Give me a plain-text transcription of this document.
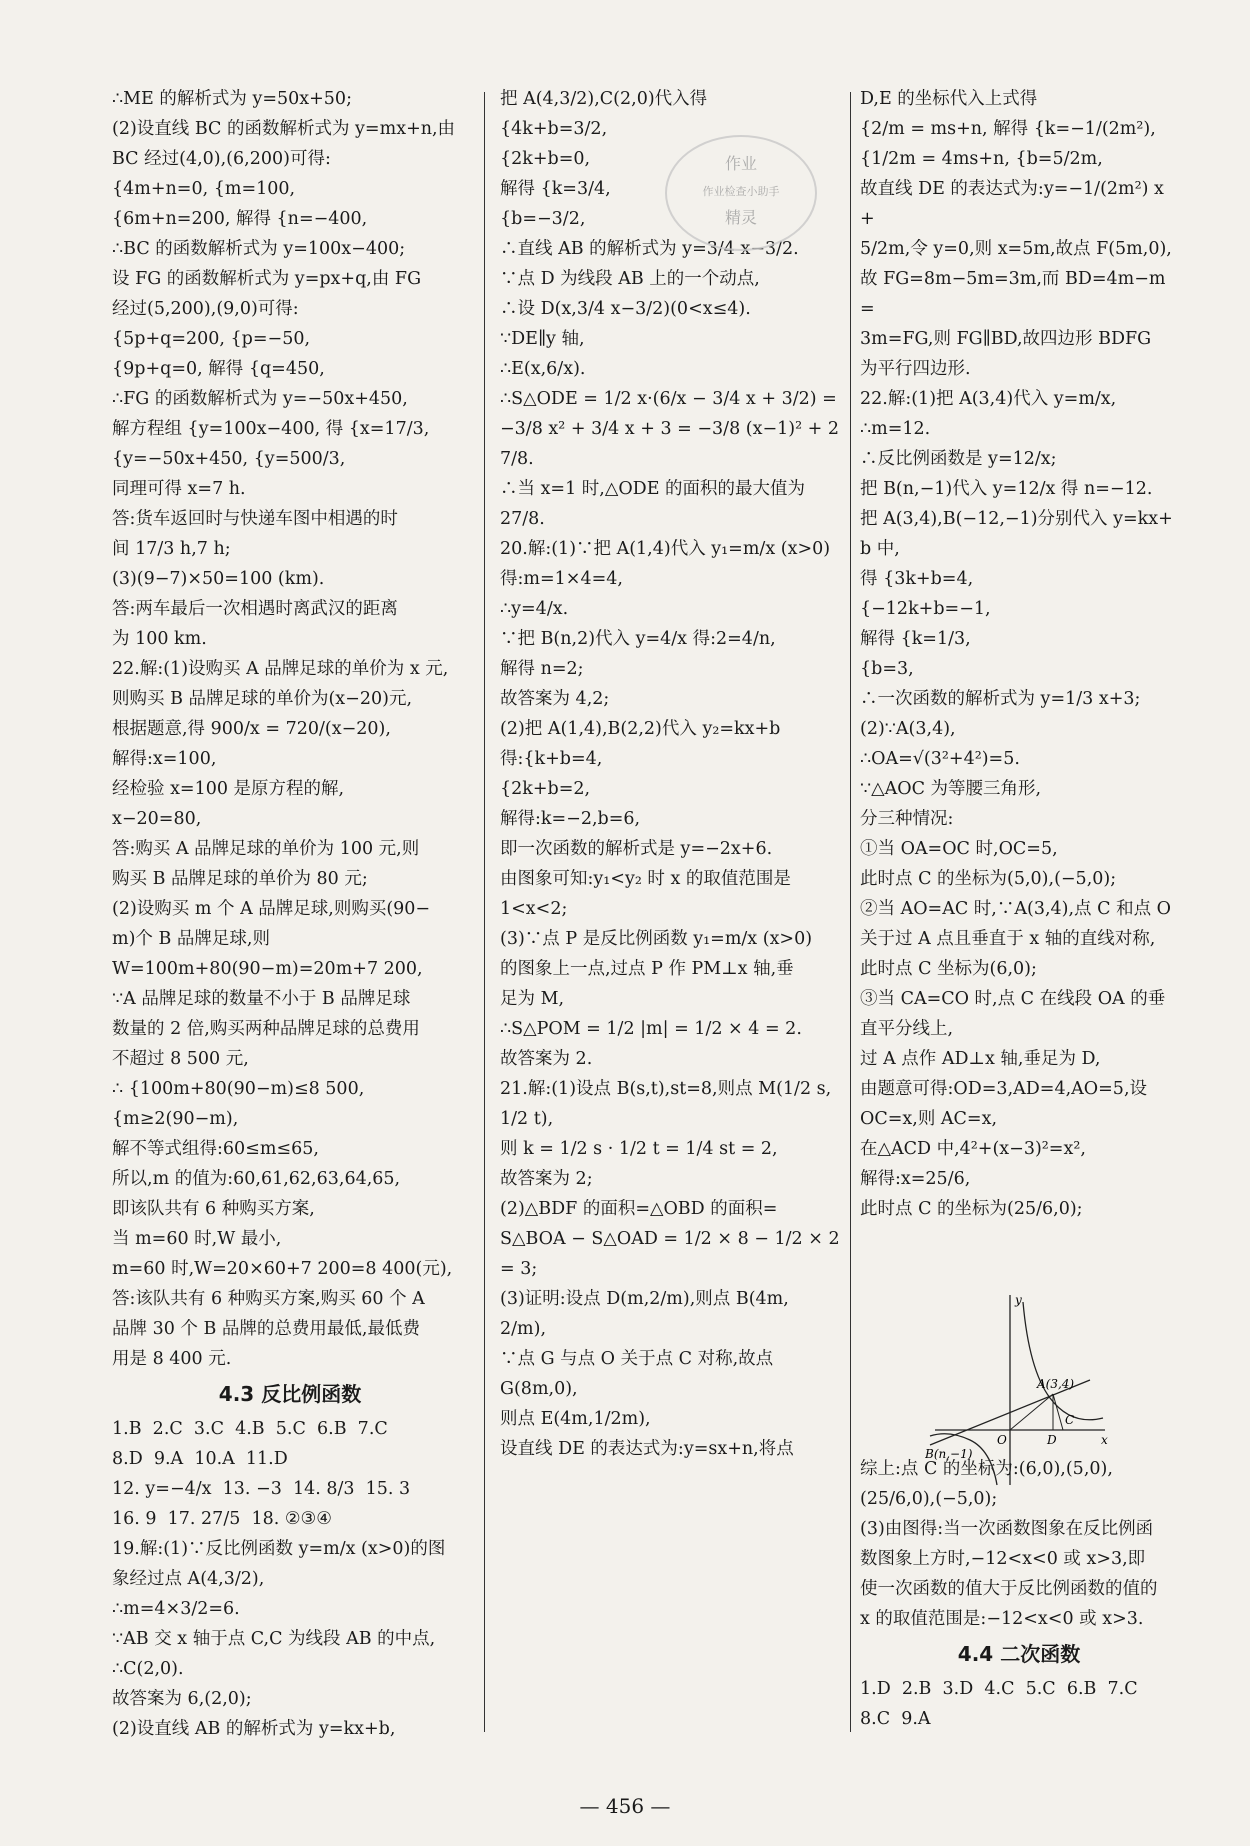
∴ME 的解析式为 y=50x+50;

(2)设直线 BC 的函数解析式为 y=mx+n,由

BC 经过(4,0),(6,200)可得:

{4m+n=0, {m=100,

{6m+n=200, 解得 {n=−400,

∴BC 的函数解析式为 y=100x−400;

设 FG 的函数解析式为 y=px+q,由 FG

经过(5,200),(9,0)可得:

{5p+q=200, {p=−50,

{9p+q=0, 解得 {q=450,

∴FG 的函数解析式为 y=−50x+450,

解方程组 {y=100x−400, 得 {x=17/3,

{y=−50x+450, {y=500/3,

同理可得 x=7 h.

答:货车返回时与快递车图中相遇的时

间 17/3 h,7 h;

(3)(9−7)×50=100 (km).

答:两车最后一次相遇时离武汉的距离

为 100 km.

22.解:(1)设购买 A 品牌足球的单价为 x 元,

则购买 B 品牌足球的单价为(x−20)元,

根据题意,得 900/x = 720/(x−20),

解得:x=100,

经检验 x=100 是原方程的解,

x−20=80,

答:购买 A 品牌足球的单价为 100 元,则

购买 B 品牌足球的单价为 80 元;

(2)设购买 m 个 A 品牌足球,则购买(90−

m)个 B 品牌足球,则

W=100m+80(90−m)=20m+7 200,

∵A 品牌足球的数量不小于 B 品牌足球

数量的 2 倍,购买两种品牌足球的总费用

不超过 8 500 元,

∴ {100m+80(90−m)≤8 500,

{m≥2(90−m),

解不等式组得:60≤m≤65,

所以,m 的值为:60,61,62,63,64,65,

即该队共有 6 种购买方案,

当 m=60 时,W 最小,

m=60 时,W=20×60+7 200=8 400(元),

答:该队共有 6 种购买方案,购买 60 个 A

品牌 30 个 B 品牌的总费用最低,最低费

用是 8 400 元.

4.3 反比例函数

1.B  2.C  3.C  4.B  5.C  6.B  7.C

8.D  9.A  10.A  11.D

12. y=−4/x  13. −3  14. 8/3  15. 3

16. 9  17. 27/5  18. ②③④

19.解:(1)∵反比例函数 y=m/x (x>0)的图

象经过点 A(4,3/2),

∴m=4×3/2=6.

∵AB 交 x 轴于点 C,C 为线段 AB 的中点,

∴C(2,0).

故答案为 6,(2,0);

(2)设直线 AB 的解析式为 y=kx+b,

把 A(4,3/2),C(2,0)代入得

{4k+b=3/2,

{2k+b=0,

解得 {k=3/4,

{b=−3/2,

∴直线 AB 的解析式为 y=3/4 x−3/2.

∵点 D 为线段 AB 上的一个动点,

∴设 D(x,3/4 x−3/2)(0<x≤4).

∵DE∥y 轴,

∴E(x,6/x).

∴S△ODE = 1/2 x·(6/x − 3/4 x + 3/2) =

−3/8 x² + 3/4 x + 3 = −3/8 (x−1)² + 27/8.

∴当 x=1 时,△ODE 的面积的最大值为

27/8.

20.解:(1)∵把 A(1,4)代入 y₁=m/x (x>0)

得:m=1×4=4,

∴y=4/x.

∵把 B(n,2)代入 y=4/x 得:2=4/n,

解得 n=2;

故答案为 4,2;

(2)把 A(1,4),B(2,2)代入 y₂=kx+b

得:{k+b=4,

{2k+b=2,

解得:k=−2,b=6,

即一次函数的解析式是 y=−2x+6.

由图象可知:y₁<y₂ 时 x 的取值范围是

1<x<2;

(3)∵点 P 是反比例函数 y₁=m/x (x>0)

的图象上一点,过点 P 作 PM⊥x 轴,垂

足为 M,

∴S△POM = 1/2 |m| = 1/2 × 4 = 2.

故答案为 2.

21.解:(1)设点 B(s,t),st=8,则点 M(1/2 s,

1/2 t),

则 k = 1/2 s · 1/2 t = 1/4 st = 2,

故答案为 2;

(2)△BDF 的面积=△OBD 的面积=

S△BOA − S△OAD = 1/2 × 8 − 1/2 × 2 = 3;

(3)证明:设点 D(m,2/m),则点 B(4m,

2/m),

∵点 G 与点 O 关于点 C 对称,故点

G(8m,0),

则点 E(4m,1/2m),

设直线 DE 的表达式为:y=sx+n,将点

D,E 的坐标代入上式得

{2/m = ms+n, 解得 {k=−1/(2m²),

{1/2m = 4ms+n, {b=5/2m,

故直线 DE 的表达式为:y=−1/(2m²) x +

5/2m,令 y=0,则 x=5m,故点 F(5m,0),

故 FG=8m−5m=3m,而 BD=4m−m=

3m=FG,则 FG∥BD,故四边形 BDFG

为平行四边形.

22.解:(1)把 A(3,4)代入 y=m/x,

∴m=12.

∴反比例函数是 y=12/x;

把 B(n,−1)代入 y=12/x 得 n=−12.

把 A(3,4),B(−12,−1)分别代入 y=kx+

b 中,

得 {3k+b=4,

{−12k+b=−1,

解得 {k=1/3,

{b=3,

∴一次函数的解析式为 y=1/3 x+3;

(2)∵A(3,4),

∴OA=√(3²+4²)=5.

∵△AOC 为等腰三角形,

分三种情况:

①当 OA=OC 时,OC=5,

此时点 C 的坐标为(5,0),(−5,0);

②当 AO=AC 时,∵A(3,4),点 C 和点 O

关于过 A 点且垂直于 x 轴的直线对称,

此时点 C 坐标为(6,0);

③当 CA=CO 时,点 C 在线段 OA 的垂

直平分线上,

过 A 点作 AD⊥x 轴,垂足为 D,

由题意可得:OD=3,AD=4,AO=5,设

OC=x,则 AC=x,

在△ACD 中,4²+(x−3)²=x²,

解得:x=25/6,

此时点 C 的坐标为(25/6,0);

综上:点 C 的坐标为:(6,0),(5,0),

(25/6,0),(−5,0);

(3)由图得:当一次函数图象在反比例函

数图象上方时,−12<x<0 或 x>3,即

使一次函数的值大于反比例函数的值的

x 的取值范围是:−12<x<0 或 x>3.

4.4 二次函数

1.D  2.B  3.D  4.C  5.C  6.B  7.C

8.C  9.A

作业
作业检查小助手
精灵
y
x
O
A(3,4)
B(n,−1)
C
D
— 456 —
